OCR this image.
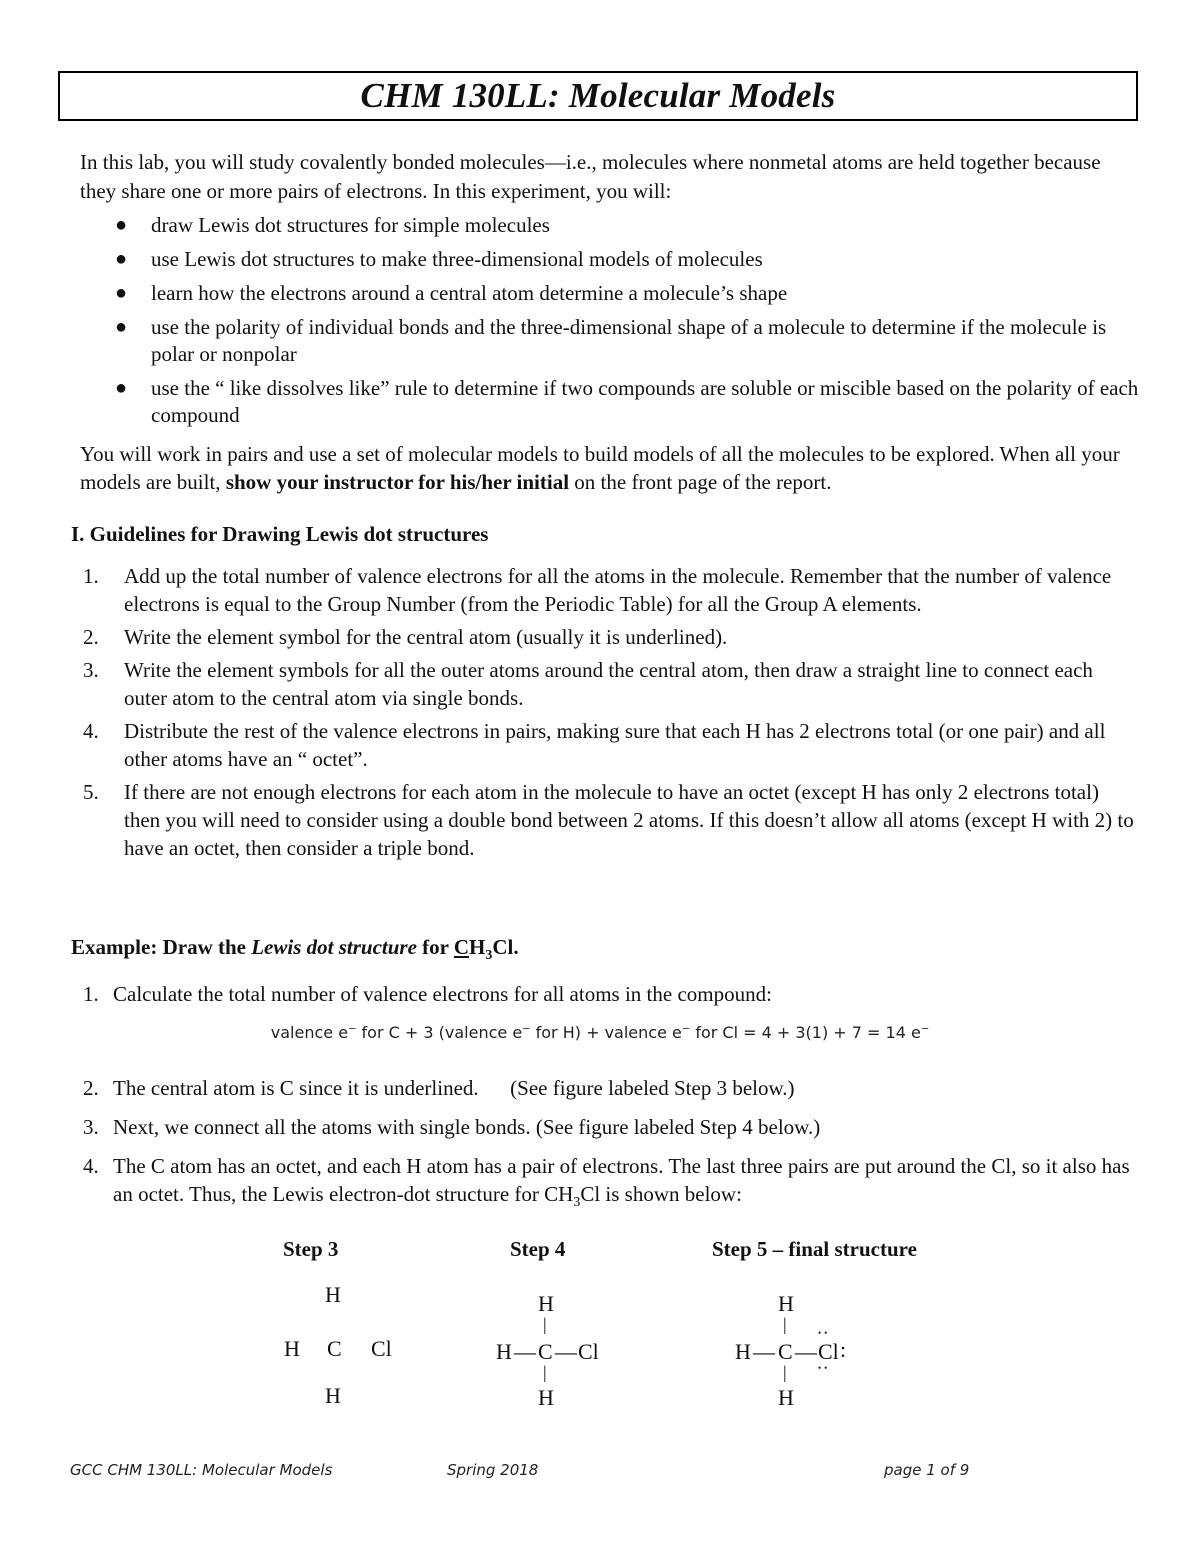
CHM 130LL: Molecular Models

In this lab, you will study covalently bonded molecules—i.e., molecules where nonmetal atoms are held together because they share one or more pairs of electrons. In this experiment, you will:

● draw Lewis dot structures for simple molecules
● use Lewis dot structures to make three-dimensional models of molecules
● learn how the electrons around a central atom determine a molecule’s shape
● use the polarity of individual bonds and the three-dimensional shape of a molecule to determine if the molecule is polar or nonpolar
● use the “ like dissolves like” rule to determine if two compounds are soluble or miscible based on the polarity of each compound

You will work in pairs and use a set of molecular models to build models of all the molecules to be explored. When all your models are built, show your instructor for his/her initial on the front page of the report.

I. Guidelines for Drawing Lewis dot structures

1. Add up the total number of valence electrons for all the atoms in the molecule. Remember that the number of valence electrons is equal to the Group Number (from the Periodic Table) for all the Group A elements.
2. Write the element symbol for the central atom (usually it is underlined).
3. Write the element symbols for all the outer atoms around the central atom, then draw a straight line to connect each outer atom to the central atom via single bonds.
4. Distribute the rest of the valence electrons in pairs, making sure that each H has 2 electrons total (or one pair) and all other atoms have an “ octet”.
5. If there are not enough electrons for each atom in the molecule to have an octet (except H has only 2 electrons total) then you will need to consider using a double bond between 2 atoms. If this doesn’t allow all atoms (except H with 2) to have an octet, then consider a triple bond.

Example: Draw the Lewis dot structure for $CH_3Cl$.

1. Calculate the total number of valence electrons for all atoms in the compound:

valence e− for C + 3 (valence e− for H) + valence e− for Cl = 4 + 3(1) + 7 = 14 e−

2. The central atom is C since it is underlined.      (See figure labeled Step 3 below.)
3. Next, we connect all the atoms with single bonds. (See figure labeled Step 4 below.)
4. The C atom has an octet, and each H atom has a pair of electrons. The last three pairs are put around the Cl, so it also has an octet. Thus, the Lewis electron-dot structure for $CH_3Cl$ is shown below:

Step 3	Step 4	Step 5 – final structure

H
H C Cl
H
H
|
H — C — Cl
|
H
H
|
H — C — Cl :
••
••
|
H
GCC CHM 130LL: Molecular Models	Spring 2018	page 1 of 9
